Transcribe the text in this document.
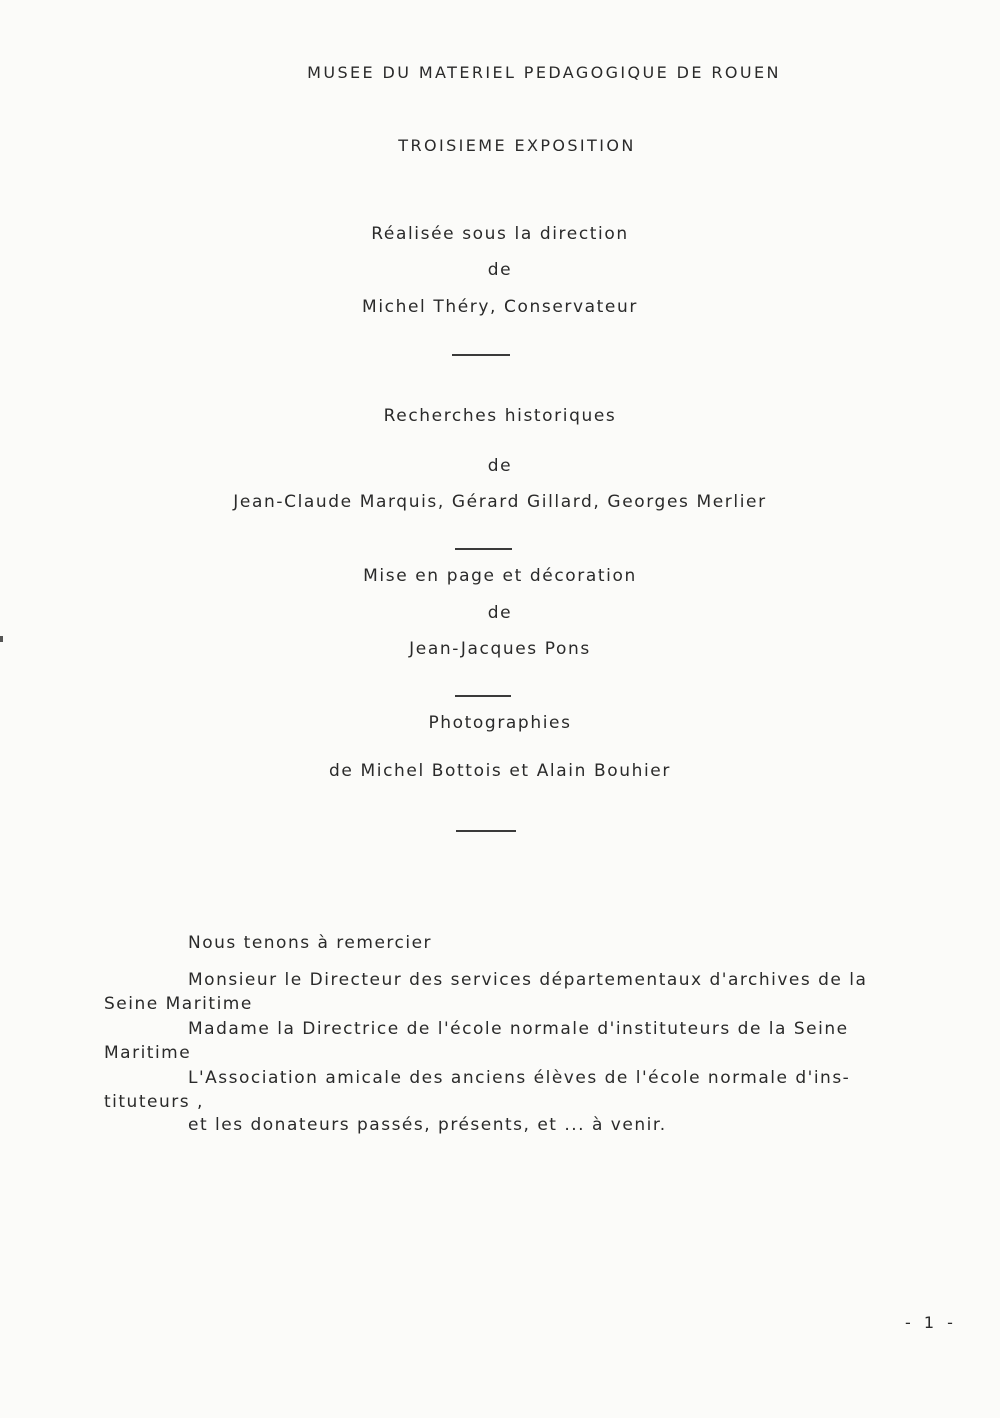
MUSEE DU MATERIEL PEDAGOGIQUE DE ROUEN
TROISIEME EXPOSITION
Réalisée sous la direction
de
Michel Théry, Conservateur
Recherches historiques
de
Jean-Claude Marquis, Gérard Gillard, Georges Merlier
Mise en page et décoration
de
Jean-Jacques Pons
Photographies
de Michel Bottois et Alain Bouhier
Nous tenons à remercier
Monsieur le Directeur des services départementaux d'archives de la
Seine Maritime
Madame la Directrice de l'école normale d'instituteurs de la Seine
Maritime
L'Association amicale des anciens élèves de l'école normale d'ins-
tituteurs ,
et les donateurs passés, présents, et ... à venir.
- 1 -
